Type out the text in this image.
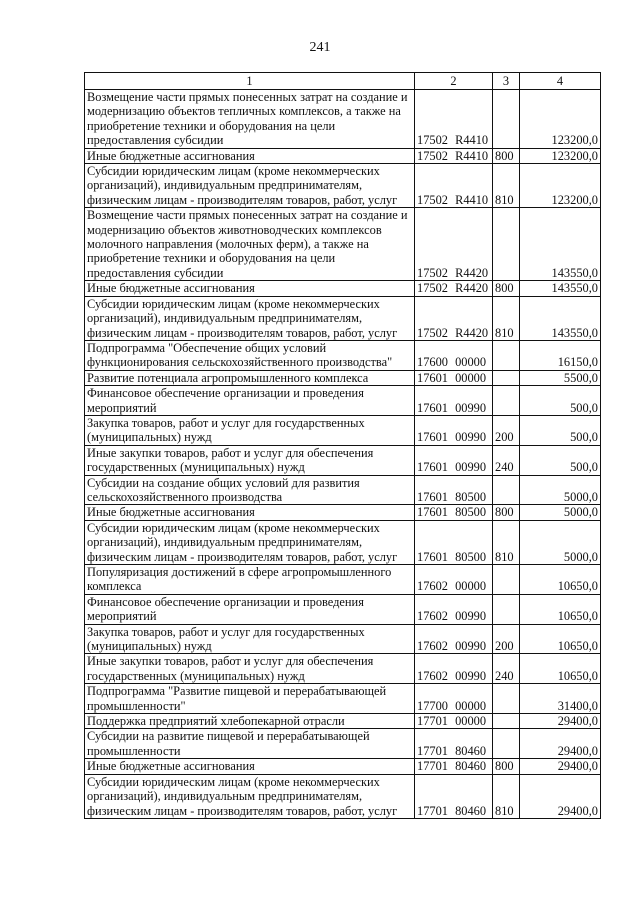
241
1	2	3	4
Возмещение части прямых понесенных затрат на создание и модернизацию объектов тепличных комплексов, а также на приобретение техники и оборудования на цели предоставления субсидии	17502 R4410		123200,0
Иные бюджетные ассигнования	17502 R4410	800	123200,0
Субсидии юридическим лицам (кроме некоммерческих организаций), индивидуальным предпринимателям, физическим лицам - производителям товаров, работ, услуг	17502 R4410	810	123200,0
Возмещение части прямых понесенных затрат на создание и модернизацию объектов животноводческих комплексов молочного направления (молочных ферм), а также на приобретение техники и оборудования на цели предоставления субсидии	17502 R4420		143550,0
Иные бюджетные ассигнования	17502 R4420	800	143550,0
Субсидии юридическим лицам (кроме некоммерческих организаций), индивидуальным предпринимателям, физическим лицам - производителям товаров, работ, услуг	17502 R4420	810	143550,0
Подпрограмма "Обеспечение общих условий функционирования сельскохозяйственного производства"	17600 00000		16150,0
Развитие потенциала агропромышленного комплекса	17601 00000		5500,0
Финансовое обеспечение организации и проведения мероприятий	17601 00990		500,0
Закупка товаров, работ и услуг для государственных (муниципальных) нужд	17601 00990	200	500,0
Иные закупки товаров, работ и услуг для обеспечения государственных (муниципальных) нужд	17601 00990	240	500,0
Субсидии на создание общих условий для развития сельскохозяйственного производства	17601 80500		5000,0
Иные бюджетные ассигнования	17601 80500	800	5000,0
Субсидии юридическим лицам (кроме некоммерческих организаций), индивидуальным предпринимателям, физическим лицам - производителям товаров, работ, услуг	17601 80500	810	5000,0
Популяризация достижений в сфере агропромышленного комплекса	17602 00000		10650,0
Финансовое обеспечение организации и проведения мероприятий	17602 00990		10650,0
Закупка товаров, работ и услуг для государственных (муниципальных) нужд	17602 00990	200	10650,0
Иные закупки товаров, работ и услуг для обеспечения государственных (муниципальных) нужд	17602 00990	240	10650,0
Подпрограмма "Развитие пищевой и перерабатывающей промышленности"	17700 00000		31400,0
Поддержка предприятий хлебопекарной отрасли	17701 00000		29400,0
Субсидии на развитие пищевой и перерабатывающей промышленности	17701 80460		29400,0
Иные бюджетные ассигнования	17701 80460	800	29400,0
Субсидии юридическим лицам (кроме некоммерческих организаций), индивидуальным предпринимателям, физическим лицам - производителям товаров, работ, услуг	17701 80460	810	29400,0
